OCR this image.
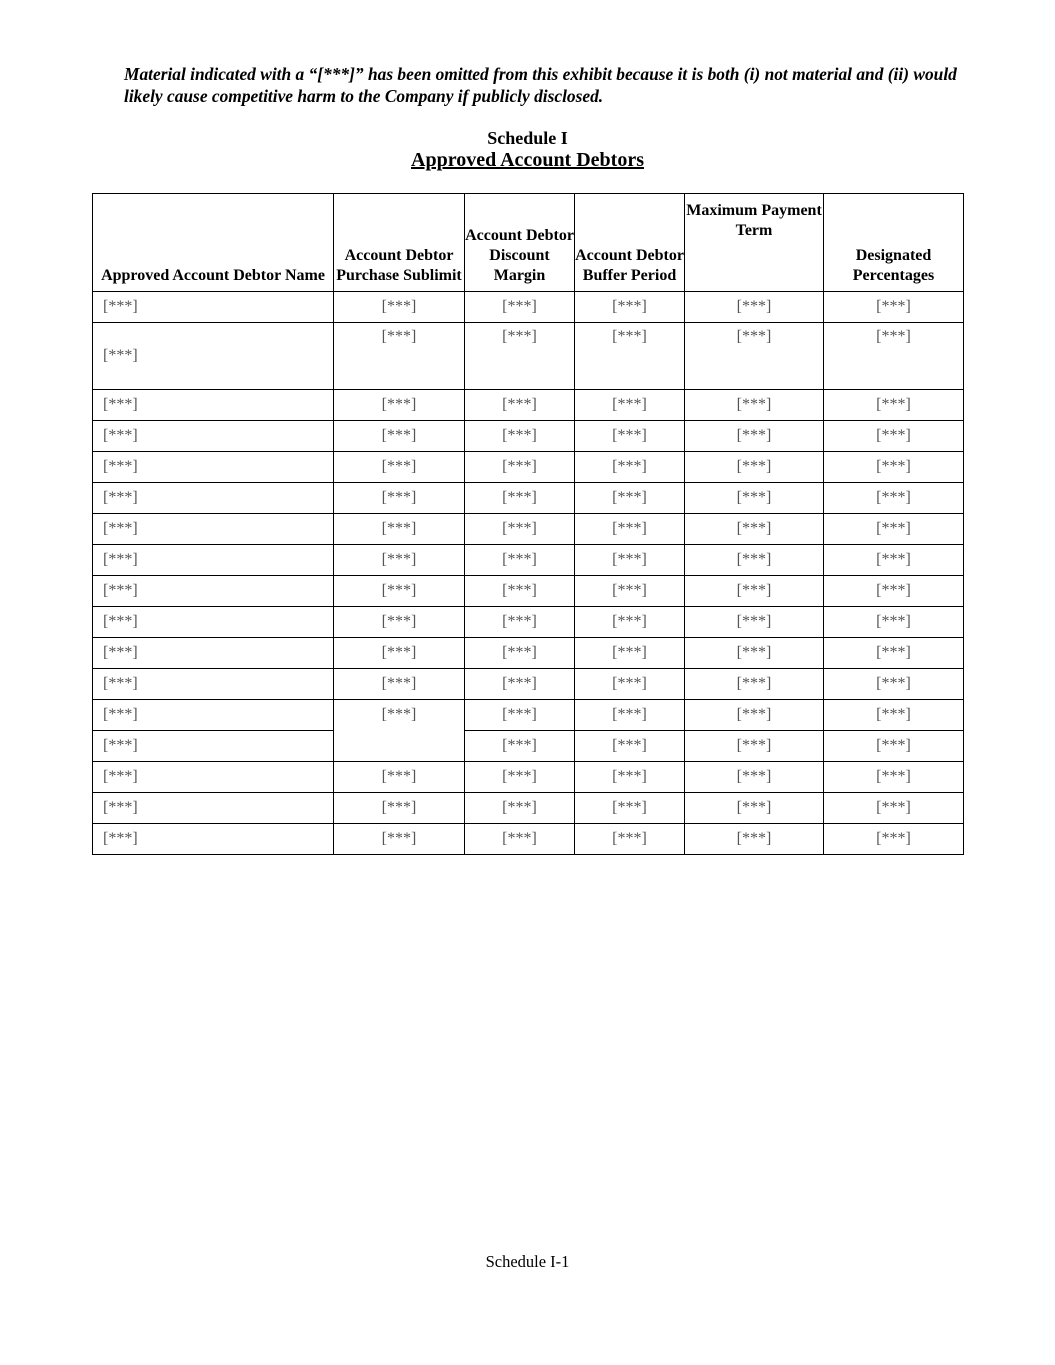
Material indicated with a “[***]” has been omitted from this exhibit because it is both (i) not material and (ii) would likely cause competitive harm to the Company if publicly disclosed.
Schedule I
Approved Account Debtors
Approved Account Debtor Name	Account Debtor Purchase Sublimit	Account Debtor Discount Margin	Account Debtor Buffer Period	Maximum Payment Term	Designated Percentages
[***]	[***]	[***]	[***]	[***]	[***]
[***]	[***]	[***]	[***]	[***]	[***]
[***]	[***]	[***]	[***]	[***]	[***]
[***]	[***]	[***]	[***]	[***]	[***]
[***]	[***]	[***]	[***]	[***]	[***]
[***]	[***]	[***]	[***]	[***]	[***]
[***]	[***]	[***]	[***]	[***]	[***]
[***]	[***]	[***]	[***]	[***]	[***]
[***]	[***]	[***]	[***]	[***]	[***]
[***]	[***]	[***]	[***]	[***]	[***]
[***]	[***]	[***]	[***]	[***]	[***]
[***]	[***]	[***]	[***]	[***]	[***]
[***]	[***]	[***]	[***]	[***]	[***]
[***]		[***]	[***]	[***]	[***]
[***]	[***]	[***]	[***]	[***]	[***]
[***]	[***]	[***]	[***]	[***]	[***]
[***]	[***]	[***]	[***]	[***]	[***]
Schedule I-1
